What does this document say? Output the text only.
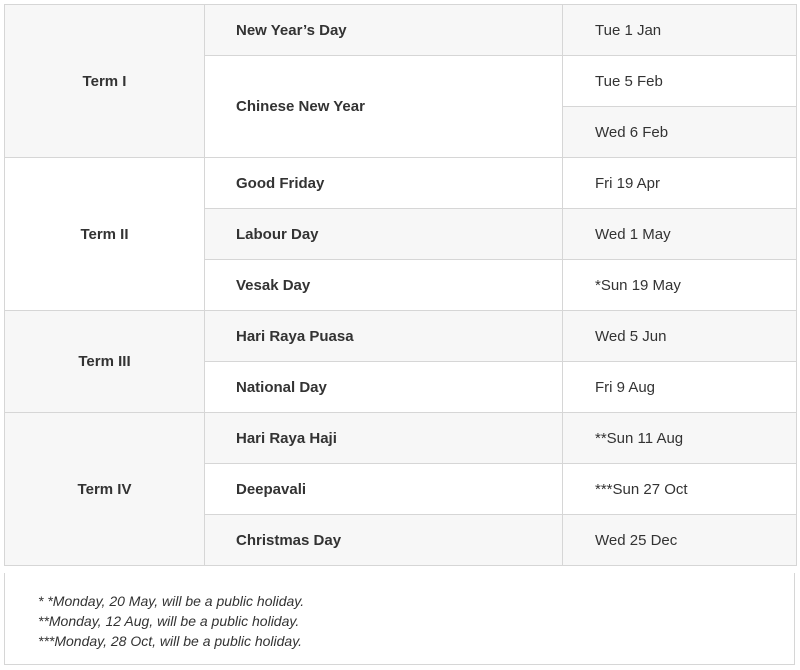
Term I	New Year’s Day	Tue 1 Jan
	Chinese New Year	Tue 5 Feb
		Wed 6 Feb
Term II	Good Friday	Fri 19 Apr
	Labour Day	Wed 1 May
	Vesak Day	*Sun 19 May
Term III	Hari Raya Puasa	Wed 5 Jun
	National Day	Fri 9 Aug
Term IV	Hari Raya Haji	**Sun 11 Aug
	Deepavali	***Sun 27 Oct
	Christmas Day	Wed 25 Dec
* *Monday, 20 May, will be a public holiday.
**Monday, 12 Aug, will be a public holiday.
***Monday, 28 Oct, will be a public holiday.
